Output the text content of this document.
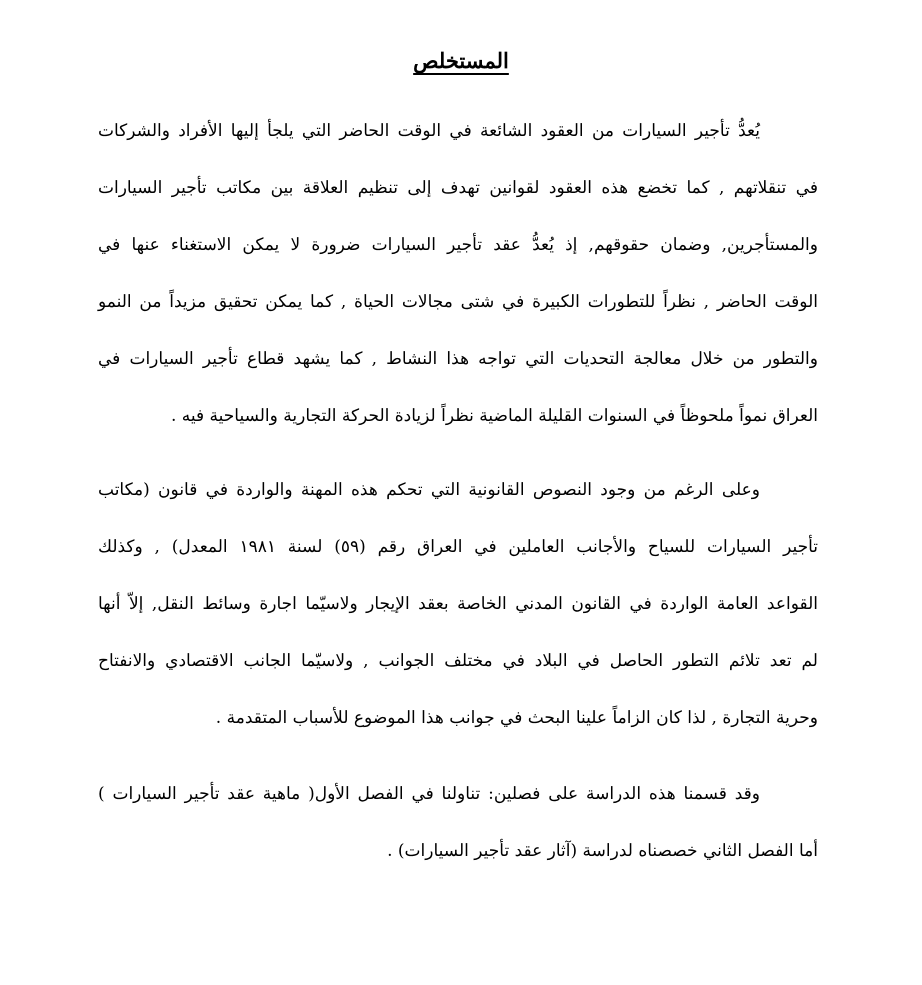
المستخلص

يُعدُّ تأجير السيارات من العقود الشائعة في الوقت الحاضر التي يلجأ إليها الأفراد والشركات
في تنقلاتهم , كما تخضع هذه العقود لقوانين تهدف إلى تنظيم العلاقة بين مكاتب تأجير السيارات
والمستأجرين, وضمان حقوقهم, إذ يُعدُّ عقد تأجير السيارات ضرورة لا يمكن الاستغناء عنها في
الوقت الحاضر , نظراً للتطورات الكبيرة في شتى مجالات الحياة , كما يمكن تحقيق مزيداً من النمو
والتطور من خلال معالجة التحديات التي تواجه هذا النشاط , كما يشهد قطاع تأجير السيارات في
العراق نمواً ملحوظاً في السنوات القليلة الماضية نظراً لزيادة الحركة التجارية والسياحية فيه .

وعلى الرغم من وجود النصوص القانونية التي تحكم هذه المهنة والواردة في قانون (مكاتب
تأجير السيارات للسياح والأجانب العاملين في العراق رقم (٥٩) لسنة ١٩٨١ المعدل) , وكذلك
القواعد العامة الواردة في القانون المدني الخاصة بعقد الإيجار ولاسيّما اجارة وسائط النقل, إلاّ أنها
لم تعد تلائم التطور الحاصل في البلاد في مختلف الجوانب , ولاسيّما الجانب الاقتصادي والانفتاح
وحرية التجارة , لذا كان الزاماً علينا البحث في جوانب هذا الموضوع للأسباب المتقدمة .

وقد قسمنا هذه الدراسة على فصلين: تناولنا في الفصل الأول( ماهية عقد تأجير السيارات )
أما الفصل الثاني خصصناه لدراسة (آثار عقد تأجير السيارات) .
